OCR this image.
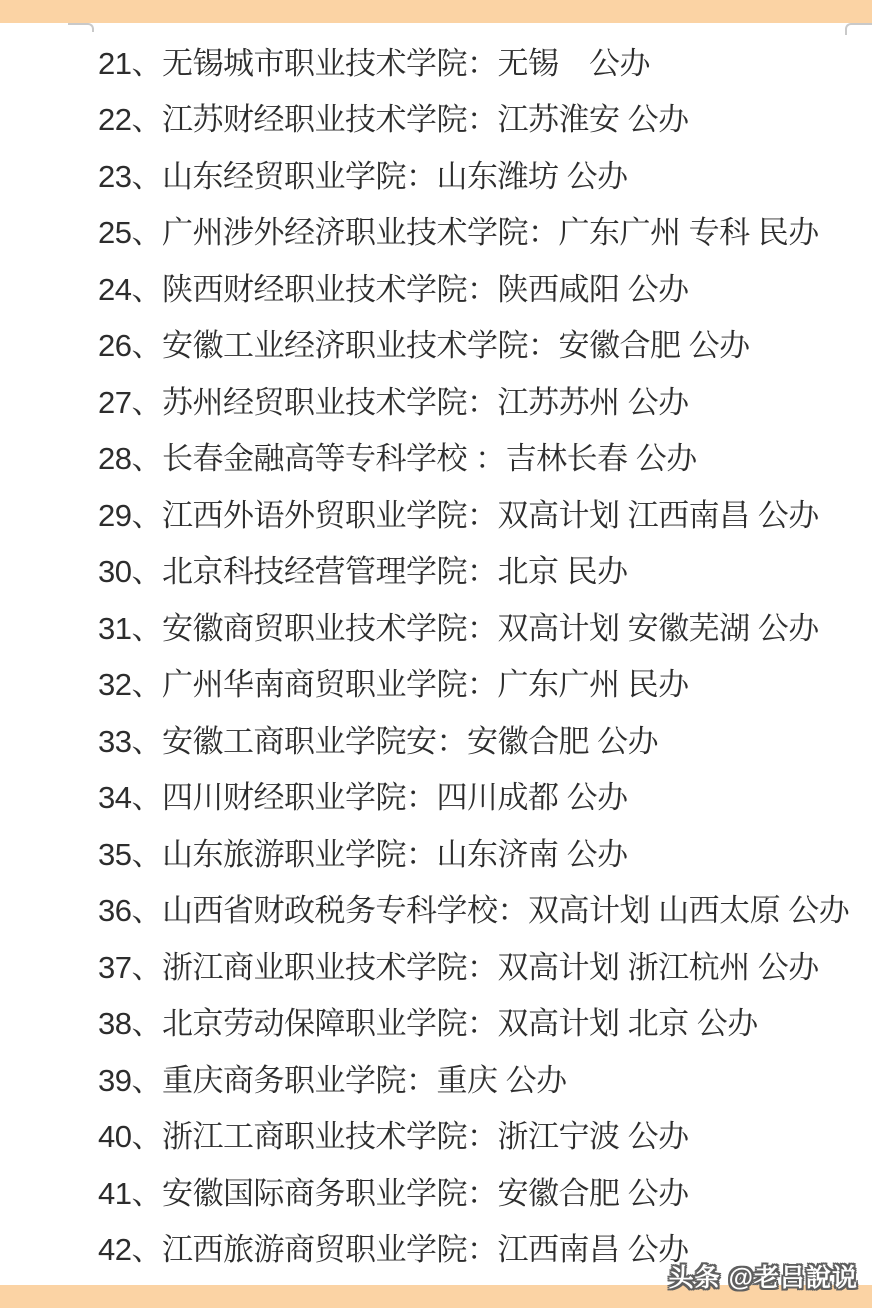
21、无锡城市职业技术学院：无锡　公办
22、江苏财经职业技术学院：江苏淮安 公办
23、山东经贸职业学院：山东潍坊 公办
25、广州涉外经济职业技术学院：广东广州 专科 民办
24、陕西财经职业技术学院：陕西咸阳 公办
26、安徽工业经济职业技术学院：安徽合肥 公办
27、苏州经贸职业技术学院：江苏苏州 公办
28、长春金融高等专科学校 ：吉林长春 公办
29、江西外语外贸职业学院：双高计划 江西南昌 公办
30、北京科技经营管理学院：北京 民办
31、安徽商贸职业技术学院：双高计划 安徽芜湖 公办
32、广州华南商贸职业学院：广东广州 民办
33、安徽工商职业学院安：安徽合肥 公办
34、四川财经职业学院：四川成都 公办
35、山东旅游职业学院：山东济南 公办
36、山西省财政税务专科学校：双高计划 山西太原 公办
37、浙江商业职业技术学院：双高计划 浙江杭州 公办
38、北京劳动保障职业学院：双高计划 北京 公办
39、重庆商务职业学院：重庆 公办
40、浙江工商职业技术学院：浙江宁波 公办
41、安徽国际商务职业学院：安徽合肥 公办
42、江西旅游商贸职业学院：江西南昌 公办
头条 @老吕說说
